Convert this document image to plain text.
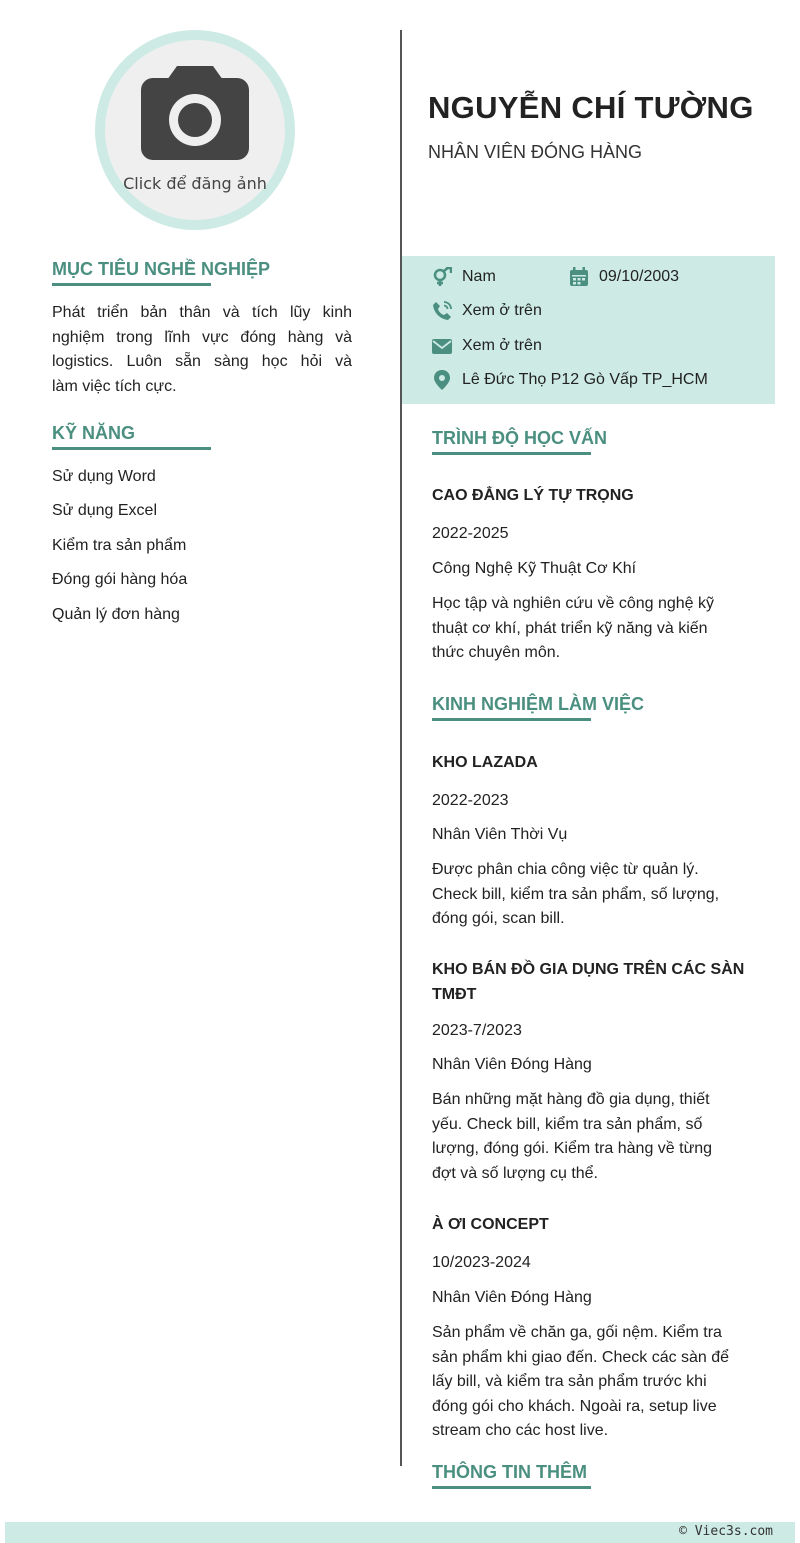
Click để đăng ảnh
MỤC TIÊU NGHỀ NGHIỆP
Phát triển bản thân và tích lũy kinh
nghiệm trong lĩnh vực đóng hàng và
logistics. Luôn sẵn sàng học hỏi và
làm việc tích cực.
KỸ NĂNG
Sử dụng Word
Sử dụng Excel
Kiểm tra sản phẩm
Đóng gói hàng hóa
Quản lý đơn hàng
NGUYỄN CHÍ TƯỜNG
NHÂN VIÊN ĐÓNG HÀNG
Nam	09/10/2003
Xem ở trên
Xem ở trên
Lê Đức Thọ P12 Gò Vấp TP_HCM
TRÌNH ĐỘ HỌC VẤN
CAO ĐẲNG LÝ TỰ TRỌNG
2022-2025
Công Nghệ Kỹ Thuật Cơ Khí
Học tập và nghiên cứu về công nghệ kỹ
thuật cơ khí, phát triển kỹ năng và kiến
thức chuyên môn.
KINH NGHIỆM LÀM VIỆC
KHO LAZADA
2022-2023
Nhân Viên Thời Vụ
Được phân chia công việc từ quản lý.
Check bill, kiểm tra sản phẩm, số lượng,
đóng gói, scan bill.
KHO BÁN ĐỒ GIA DỤNG TRÊN CÁC SÀN
TMĐT
2023-7/2023
Nhân Viên Đóng Hàng
Bán những mặt hàng đồ gia dụng, thiết
yếu. Check bill, kiểm tra sản phẩm, số
lượng, đóng gói. Kiểm tra hàng về từng
đợt và số lượng cụ thể.
À ƠI CONCEPT
10/2023-2024
Nhân Viên Đóng Hàng
Sản phẩm về chăn ga, gối nệm. Kiểm tra
sản phẩm khi giao đến. Check các sàn để
lấy bill, và kiểm tra sản phẩm trước khi
đóng gói cho khách. Ngoài ra, setup live
stream cho các host live.
THÔNG TIN THÊM
© Viec3s.com
